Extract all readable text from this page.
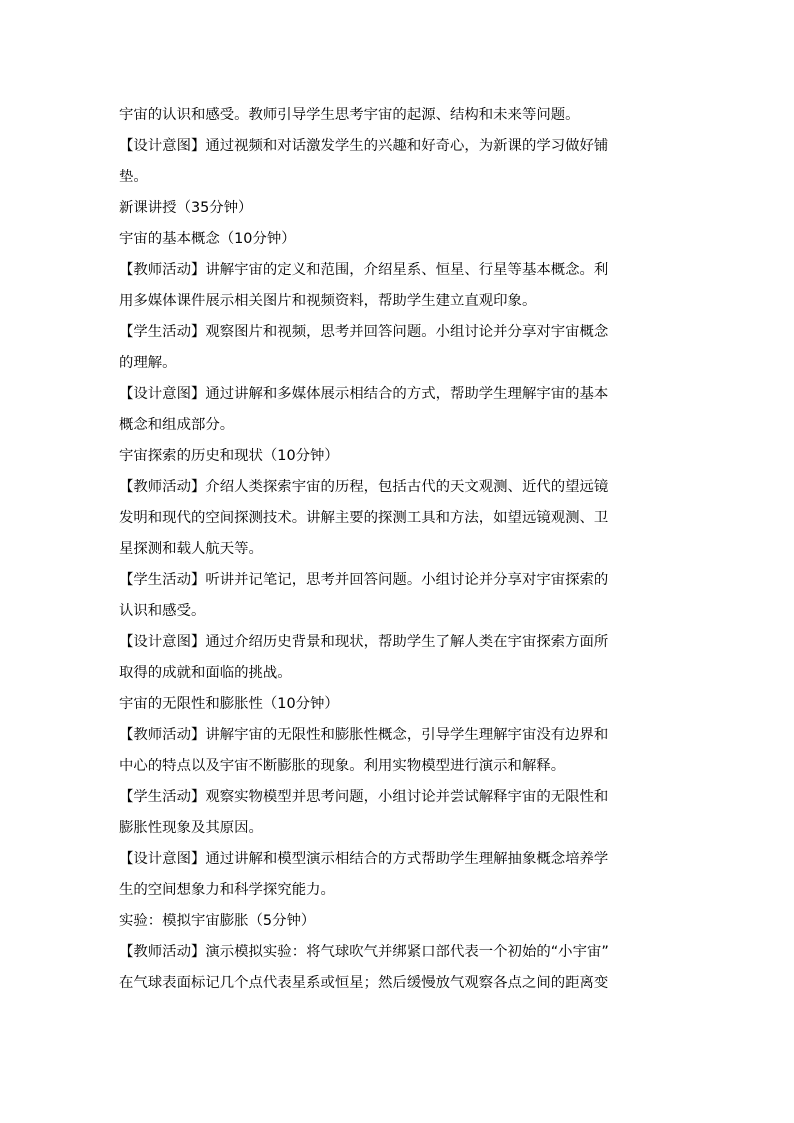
宇宙的认识和感受。教师引导学生思考宇宙的起源、结构和未来等问题。
【设计意图】通过视频和对话激发学生的兴趣和好奇心，为新课的学习做好铺
垫。
新课讲授（35分钟）
宇宙的基本概念（10分钟）
【教师活动】讲解宇宙的定义和范围，介绍星系、恒星、行星等基本概念。利
用多媒体课件展示相关图片和视频资料，帮助学生建立直观印象。
【学生活动】观察图片和视频，思考并回答问题。小组讨论并分享对宇宙概念
的理解。
【设计意图】通过讲解和多媒体展示相结合的方式，帮助学生理解宇宙的基本
概念和组成部分。
宇宙探索的历史和现状（10分钟）
【教师活动】介绍人类探索宇宙的历程，包括古代的天文观测、近代的望远镜
发明和现代的空间探测技术。讲解主要的探测工具和方法，如望远镜观测、卫
星探测和载人航天等。
【学生活动】听讲并记笔记，思考并回答问题。小组讨论并分享对宇宙探索的
认识和感受。
【设计意图】通过介绍历史背景和现状，帮助学生了解人类在宇宙探索方面所
取得的成就和面临的挑战。
宇宙的无限性和膨胀性（10分钟）
【教师活动】讲解宇宙的无限性和膨胀性概念，引导学生理解宇宙没有边界和
中心的特点以及宇宙不断膨胀的现象。利用实物模型进行演示和解释。
【学生活动】观察实物模型并思考问题，小组讨论并尝试解释宇宙的无限性和
膨胀性现象及其原因。
【设计意图】通过讲解和模型演示相结合的方式帮助学生理解抽象概念培养学
生的空间想象力和科学探究能力。
实验：模拟宇宙膨胀（5分钟）
【教师活动】演示模拟实验：将气球吹气并绑紧口部代表一个初始的“小宇宙”
在气球表面标记几个点代表星系或恒星；然后缓慢放气观察各点之间的距离变
